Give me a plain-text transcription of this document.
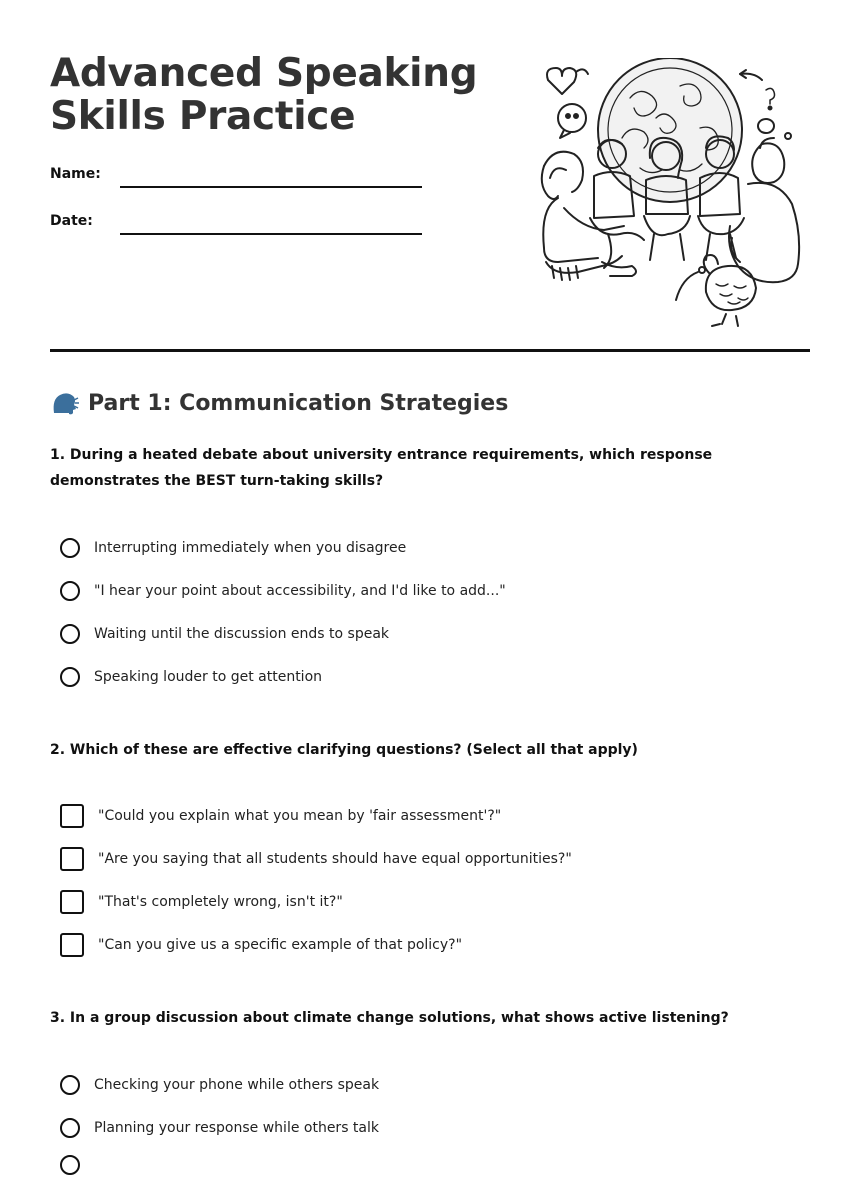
Advanced Speaking
Skills Practice
Name:
Date:
Part 1: Communication Strategies

1. During a heated debate about university entrance requirements, which response demonstrates the BEST turn-taking skills?

Interrupting immediately when you disagree
"I hear your point about accessibility, and I'd like to add..."
Waiting until the discussion ends to speak
Speaking louder to get attention

2. Which of these are effective clarifying questions? (Select all that apply)

"Could you explain what you mean by 'fair assessment'?"
"Are you saying that all students should have equal opportunities?"
"That's completely wrong, isn't it?"
"Can you give us a specific example of that policy?"

3. In a group discussion about climate change solutions, what shows active listening?

Checking your phone while others speak
Planning your response while others talk
